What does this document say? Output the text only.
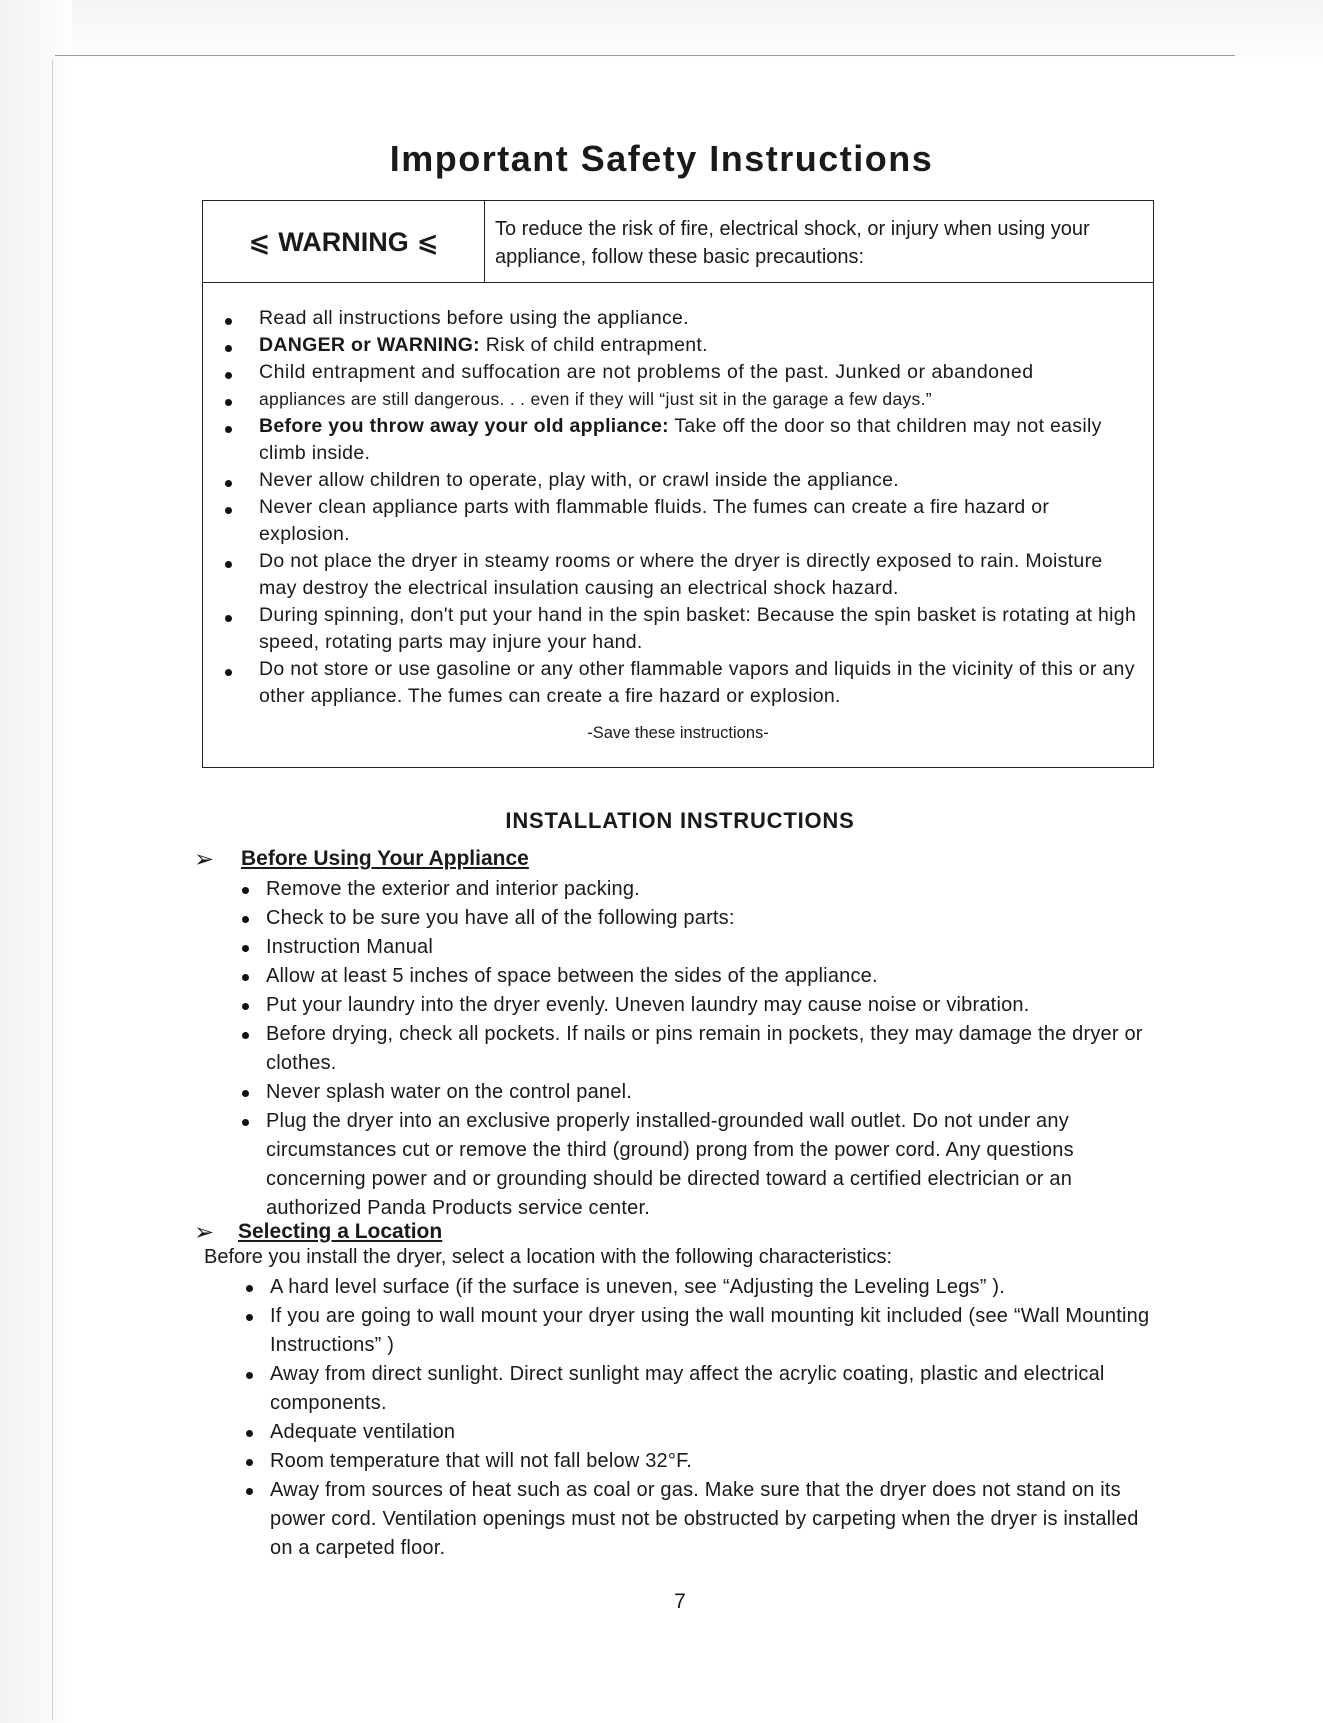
Important Safety Instructions
⩽ WARNING ⩽	To reduce the risk of fire, electrical shock, or injury when using your appliance, follow these basic precautions:
Read all instructions before using the appliance.
DANGER or WARNING: Risk of child entrapment.
Child entrapment and suffocation are not problems of the past. Junked or abandoned
appliances are still dangerous. . . even if they will “just sit in the garage a few days.”
Before you throw away your old appliance: Take off the door so that children may not easily climb inside.
Never allow children to operate, play with, or crawl inside the appliance.
Never clean appliance parts with flammable fluids. The fumes can create a fire hazard or explosion.
Do not place the dryer in steamy rooms or where the dryer is directly exposed to rain. Moisture may destroy the electrical insulation causing an electrical shock hazard.
During spinning, don't put your hand in the spin basket: Because the spin basket is rotating at high speed, rotating parts may injure your hand.
Do not store or use gasoline or any other flammable vapors and liquids in the vicinity of this or any other appliance. The fumes can create a fire hazard or explosion.
-Save these instructions-
INSTALLATION INSTRUCTIONS
➢ Before Using Your Appliance
Remove the exterior and interior packing.
Check to be sure you have all of the following parts:
Instruction Manual
Allow at least 5 inches of space between the sides of the appliance.
Put your laundry into the dryer evenly. Uneven laundry may cause noise or vibration.
Before drying, check all pockets. If nails or pins remain in pockets, they may damage the dryer or clothes.
Never splash water on the control panel.
Plug the dryer into an exclusive properly installed-grounded wall outlet. Do not under any circumstances cut or remove the third (ground) prong from the power cord. Any questions concerning power and or grounding should be directed toward a certified electrician or an authorized Panda Products service center.
➢ Selecting a Location
Before you install the dryer, select a location with the following characteristics:
A hard level surface (if the surface is uneven, see “Adjusting the Leveling Legs” ).
If you are going to wall mount your dryer using the wall mounting kit included (see “Wall Mounting Instructions” )
Away from direct sunlight. Direct sunlight may affect the acrylic coating, plastic and electrical components.
Adequate ventilation
Room temperature that will not fall below 32°F.
Away from sources of heat such as coal or gas. Make sure that the dryer does not stand on its power cord. Ventilation openings must not be obstructed by carpeting when the dryer is installed on a carpeted floor.
7
